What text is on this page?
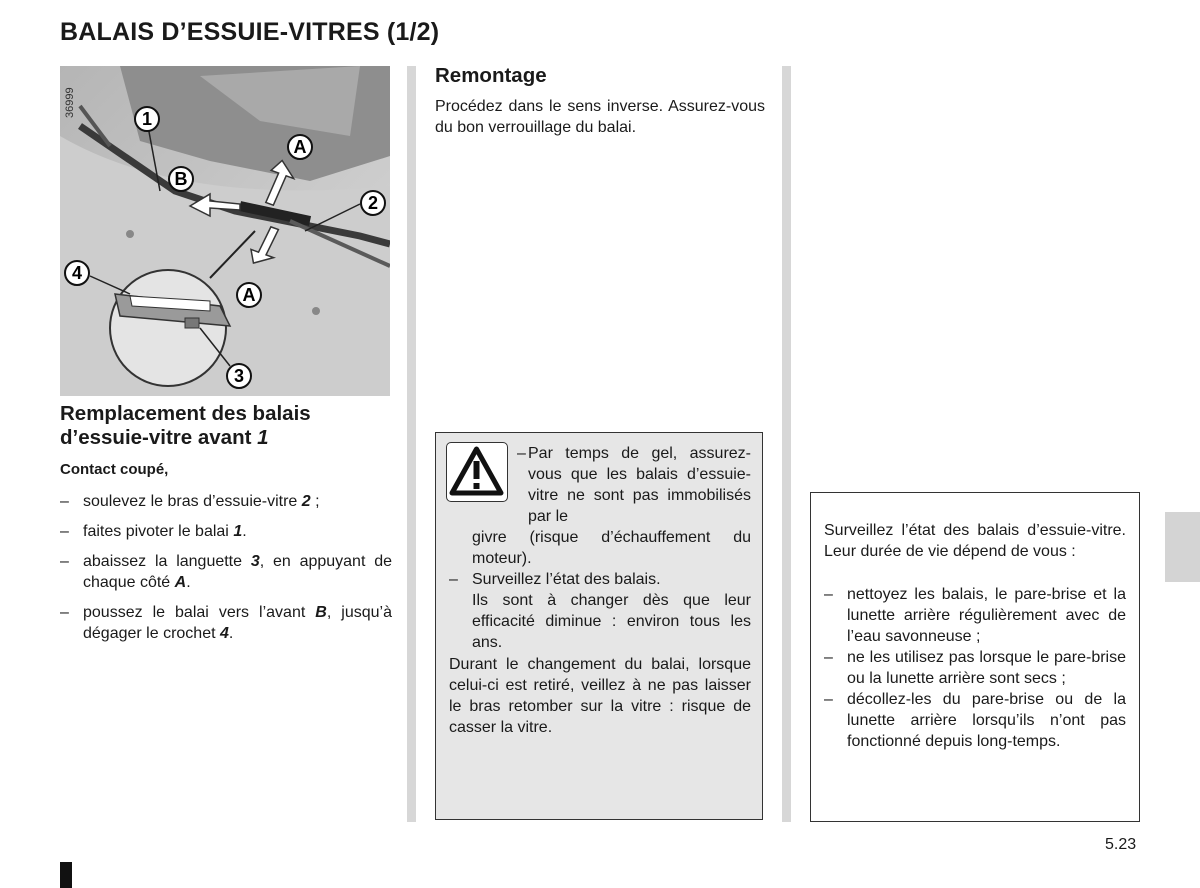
BALAIS D’ESSUIE-VITRES (1/2)
1
2
3
4
A
A
B
36999
Remplacement des balais d’essuie-vitre avant 1
Contact coupé,
– soulevez le bras d’essuie-vitre 2 ;
– faites pivoter le balai 1.
– abaissez la languette 3, en appuyant de chaque côté A.
– poussez le balai vers l’avant B, jusqu’à dégager le crochet 4.
Remontage
Procédez dans le sens inverse. Assurez-vous du bon verrouillage du balai.
– Par temps de gel, assurez-vous que les balais d’essuie-vitre ne sont pas immobilisés par le
givre (risque d’échauffement du moteur).
– Surveillez l’état des balais.
Ils sont à changer dès que leur efficacité diminue : environ tous les ans.
Durant le changement du balai, lorsque celui-ci est retiré, veillez à ne pas laisser le bras retomber sur la vitre : risque de casser la vitre.
Surveillez l’état des balais d’essuie-vitre. Leur durée de vie dépend de vous :
– nettoyez les balais, le pare-brise et la lunette arrière régulièrement avec de l’eau savonneuse ;
– ne les utilisez pas lorsque le pare-brise ou la lunette arrière sont secs ;
– décollez-les du pare-brise ou de la lunette arrière lorsqu’ils n’ont pas fonctionné depuis long-temps.
5.23
